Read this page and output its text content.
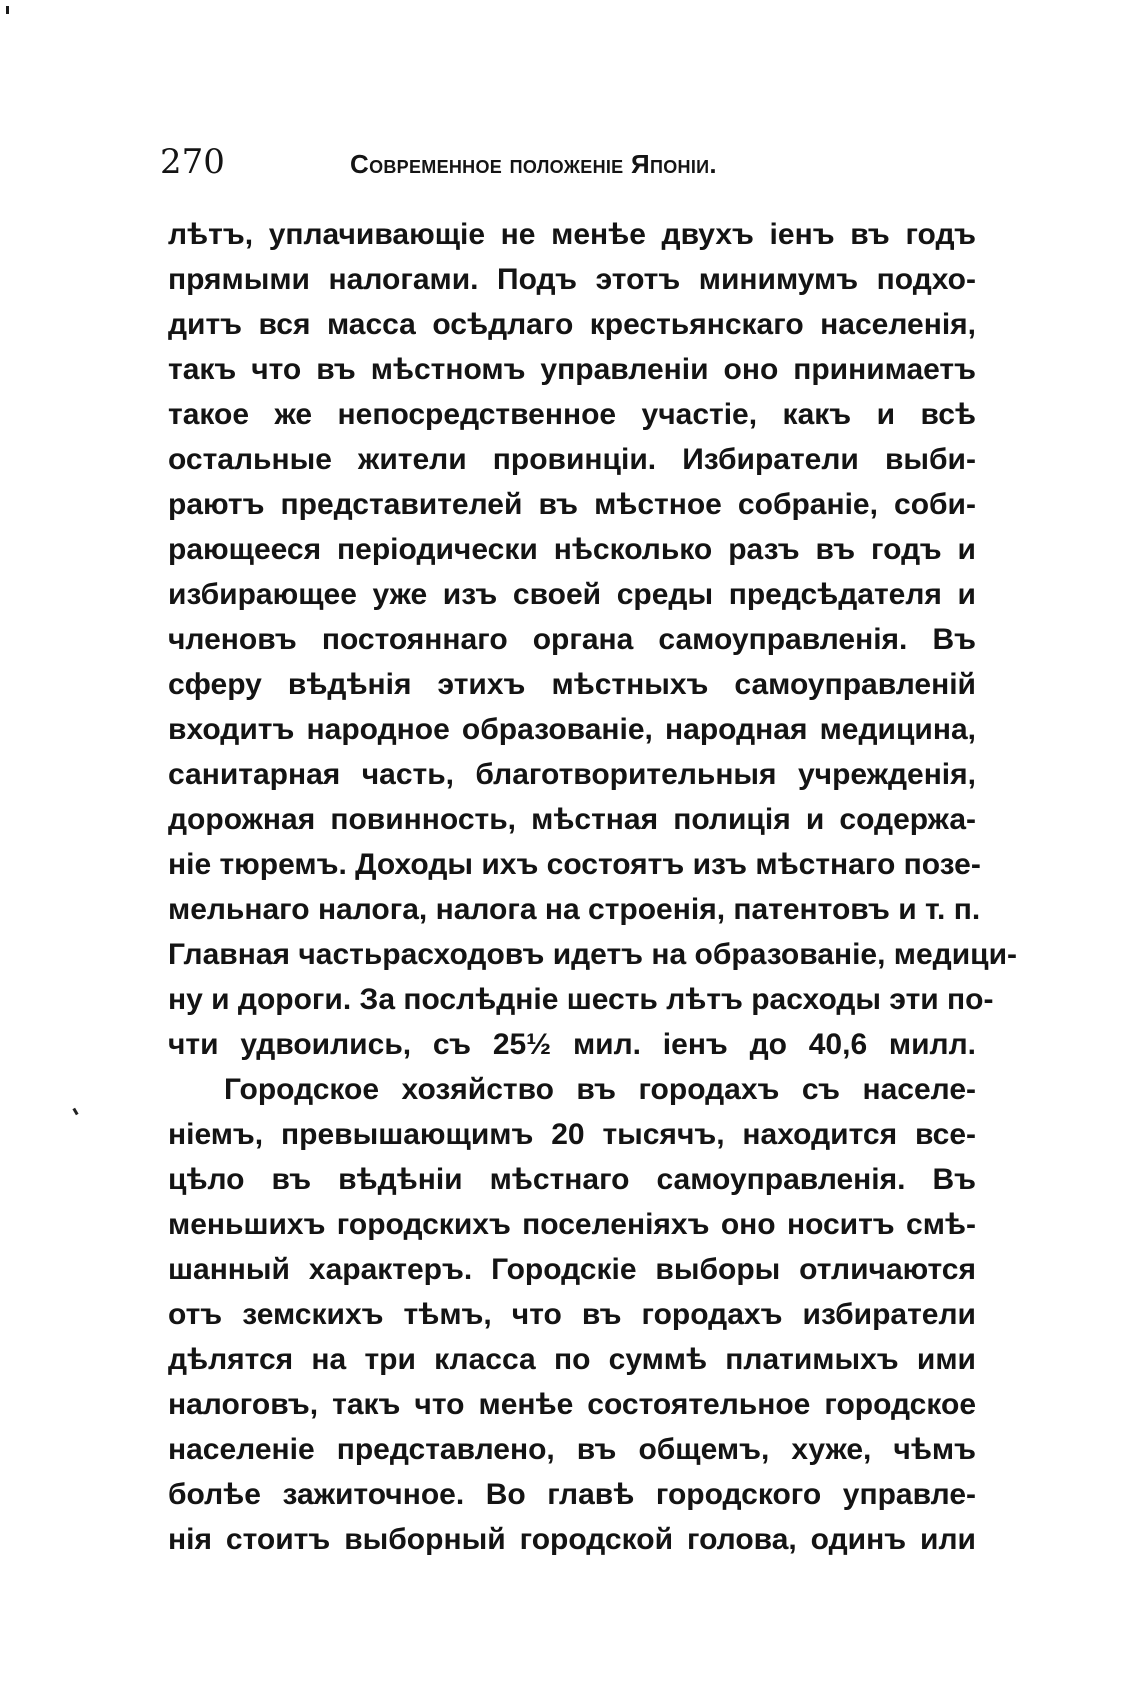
270	Современное положеніе Японіи.
лѣтъ, уплачивающіе не менѣе двухъ іенъ въ годъ
прямыми налогами. Подъ этотъ минимумъ подхо-
дитъ вся масса осѣдлаго крестьянскаго населенія,
такъ что въ мѣстномъ управленіи оно принимаетъ
такое же непосредственное участіе, какъ и всѣ
остальные жители провинціи. Избиратели выби-
раютъ представителей въ мѣстное собраніе, соби-
рающееся періодически нѣсколько разъ въ годъ и
избирающее уже изъ своей среды предсѣдателя и
членовъ постояннаго органа самоуправленія. Въ
сферу вѣдѣнія этихъ мѣстныхъ самоуправленій
входитъ народное образованіе, народная медицина,
санитарная часть, благотворительныя учрежденія,
дорожная повинность, мѣстная полиція и содержа-
ніе тюремъ. Доходы ихъ состоятъ изъ мѣстнаго позе-
мельнаго налога, налога на строенія, патентовъ и т. п.
Главная частьрасходовъ идетъ на образованіе, медици-
ну и дороги. За послѣдніе шесть лѣтъ расходы эти по-
чти удвоились, съ 25½ мил. іенъ до 40,6 милл.
Городское хозяйство въ городахъ съ населе-
ніемъ, превышающимъ 20 тысячъ, находится все-
цѣло въ вѣдѣніи мѣстнаго самоуправленія. Въ
меньшихъ городскихъ поселеніяхъ оно носитъ смѣ-
шанный характеръ. Городскіе выборы отличаются
отъ земскихъ тѣмъ, что въ городахъ избиратели
дѣлятся на три класса по суммѣ платимыхъ ими
налоговъ, такъ что менѣе состоятельное городское
населеніе представлено, въ общемъ, хуже, чѣмъ
болѣе зажиточное. Во главѣ городского управле-
нія стоитъ выборный городской голова, одинъ или
